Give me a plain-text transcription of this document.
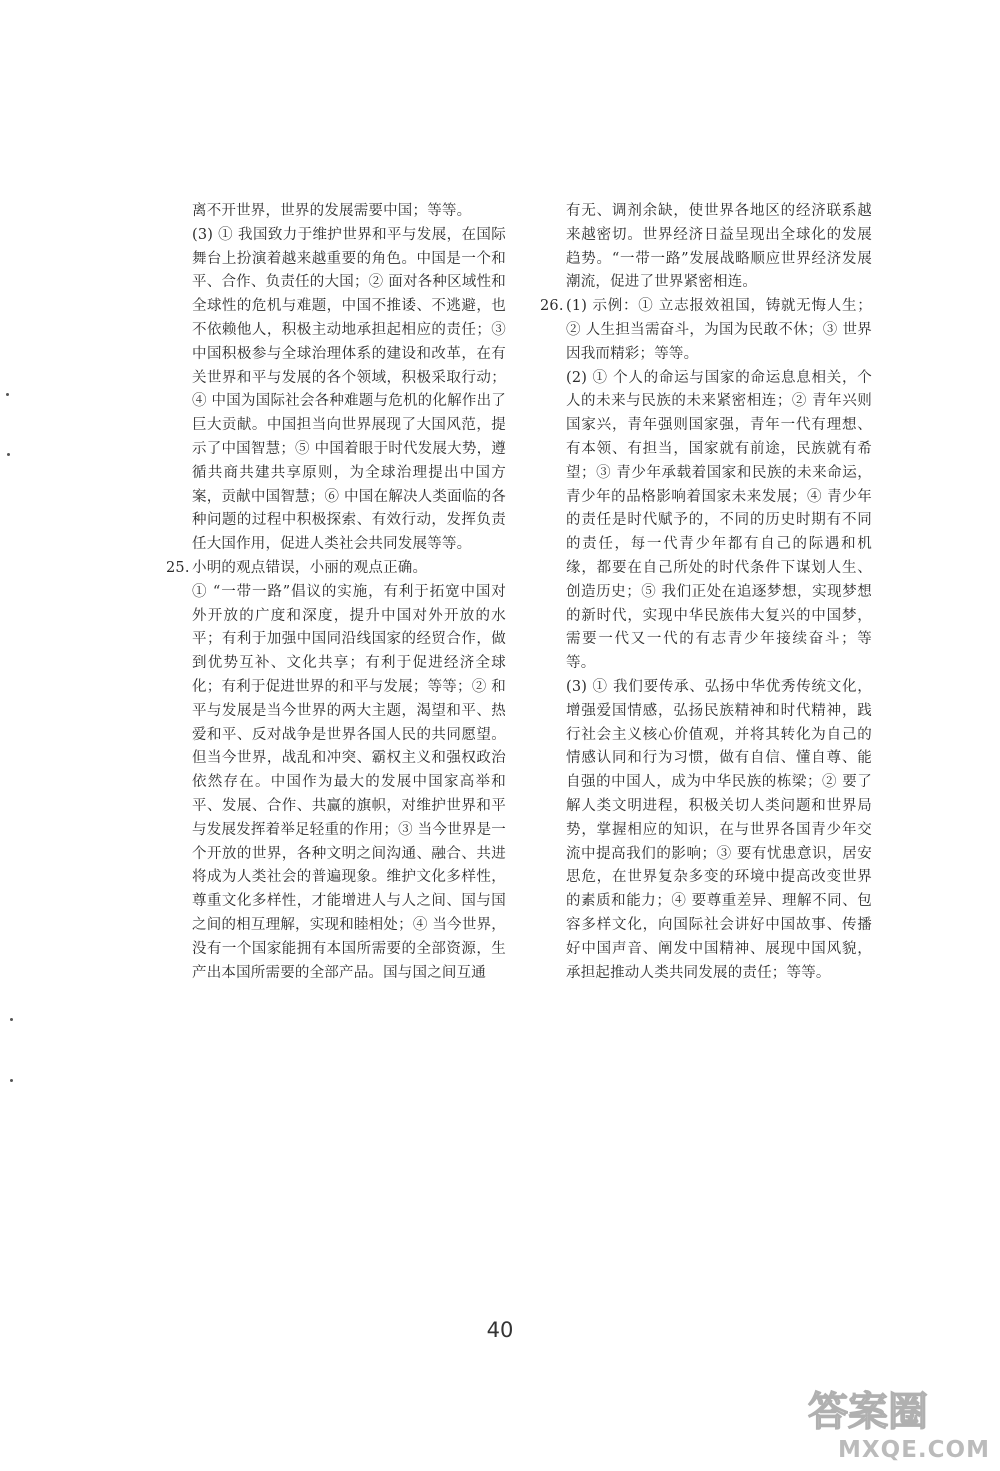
离不开世界，世界的发展需要中国；等等。
(3) ① 我国致力于维护世界和平与发展，在国际舞台上扮演着越来越重要的角色。中国是一个和平、合作、负责任的大国；② 面对各种区域性和全球性的危机与难题，中国不推诿、不逃避，也不依赖他人，积极主动地承担起相应的责任；③ 中国积极参与全球治理体系的建设和改革，在有关世界和平与发展的各个领域，积极采取行动；④ 中国为国际社会各种难题与危机的化解作出了巨大贡献。中国担当向世界展现了大国风范，提示了中国智慧；⑤ 中国着眼于时代发展大势，遵循共商共建共享原则，为全球治理提出中国方案，贡献中国智慧；⑥ 中国在解决人类面临的各种问题的过程中积极探索、有效行动，发挥负责任大国作用，促进人类社会共同发展等等。
25. 小明的观点错误，小丽的观点正确。
① “一带一路”倡议的实施，有利于拓宽中国对外开放的广度和深度，提升中国对外开放的水平；有利于加强中国同沿线国家的经贸合作，做到优势互补、文化共享；有利于促进经济全球化；有利于促进世界的和平与发展；等等；② 和平与发展是当今世界的两大主题，渴望和平、热爱和平、反对战争是世界各国人民的共同愿望。但当今世界，战乱和冲突、霸权主义和强权政治依然存在。中国作为最大的发展中国家高举和平、发展、合作、共赢的旗帜，对维护世界和平与发展发挥着举足轻重的作用；③ 当今世界是一个开放的世界，各种文明之间沟通、融合、共进将成为人类社会的普遍现象。维护文化多样性，尊重文化多样性，才能增进人与人之间、国与国之间的相互理解，实现和睦相处；④ 当今世界，没有一个国家能拥有本国所需要的全部资源，生产出本国所需要的全部产品。国与国之间互通
有无、调剂余缺，使世界各地区的经济联系越来越密切。世界经济日益呈现出全球化的发展趋势。“一带一路”发展战略顺应世界经济发展潮流，促进了世界紧密相连。
26. (1) 示例：① 立志报效祖国，铸就无悔人生；② 人生担当需奋斗，为国为民敢不休；③ 世界因我而精彩；等等。
(2) ① 个人的命运与国家的命运息息相关，个人的未来与民族的未来紧密相连；② 青年兴则国家兴，青年强则国家强，青年一代有理想、有本领、有担当，国家就有前途，民族就有希望；③ 青少年承载着国家和民族的未来命运，青少年的品格影响着国家未来发展；④ 青少年的责任是时代赋予的，不同的历史时期有不同的责任，每一代青少年都有自己的际遇和机缘，都要在自己所处的时代条件下谋划人生、创造历史；⑤ 我们正处在追逐梦想，实现梦想的新时代，实现中华民族伟大复兴的中国梦，需要一代又一代的有志青少年接续奋斗；等等。
(3) ① 我们要传承、弘扬中华优秀传统文化，增强爱国情感，弘扬民族精神和时代精神，践行社会主义核心价值观，并将其转化为自己的情感认同和行为习惯，做有自信、懂自尊、能自强的中国人，成为中华民族的栋梁；② 要了解人类文明进程，积极关切人类问题和世界局势，掌握相应的知识，在与世界各国青少年交流中提高我们的影响；③ 要有忧患意识，居安思危，在世界复杂多变的环境中提高改变世界的素质和能力；④ 要尊重差异、理解不同、包容多样文化，向国际社会讲好中国故事、传播好中国声音、阐发中国精神、展现中国风貌，承担起推动人类共同发展的责任；等等。
40
答案圈
MXQE.COM
